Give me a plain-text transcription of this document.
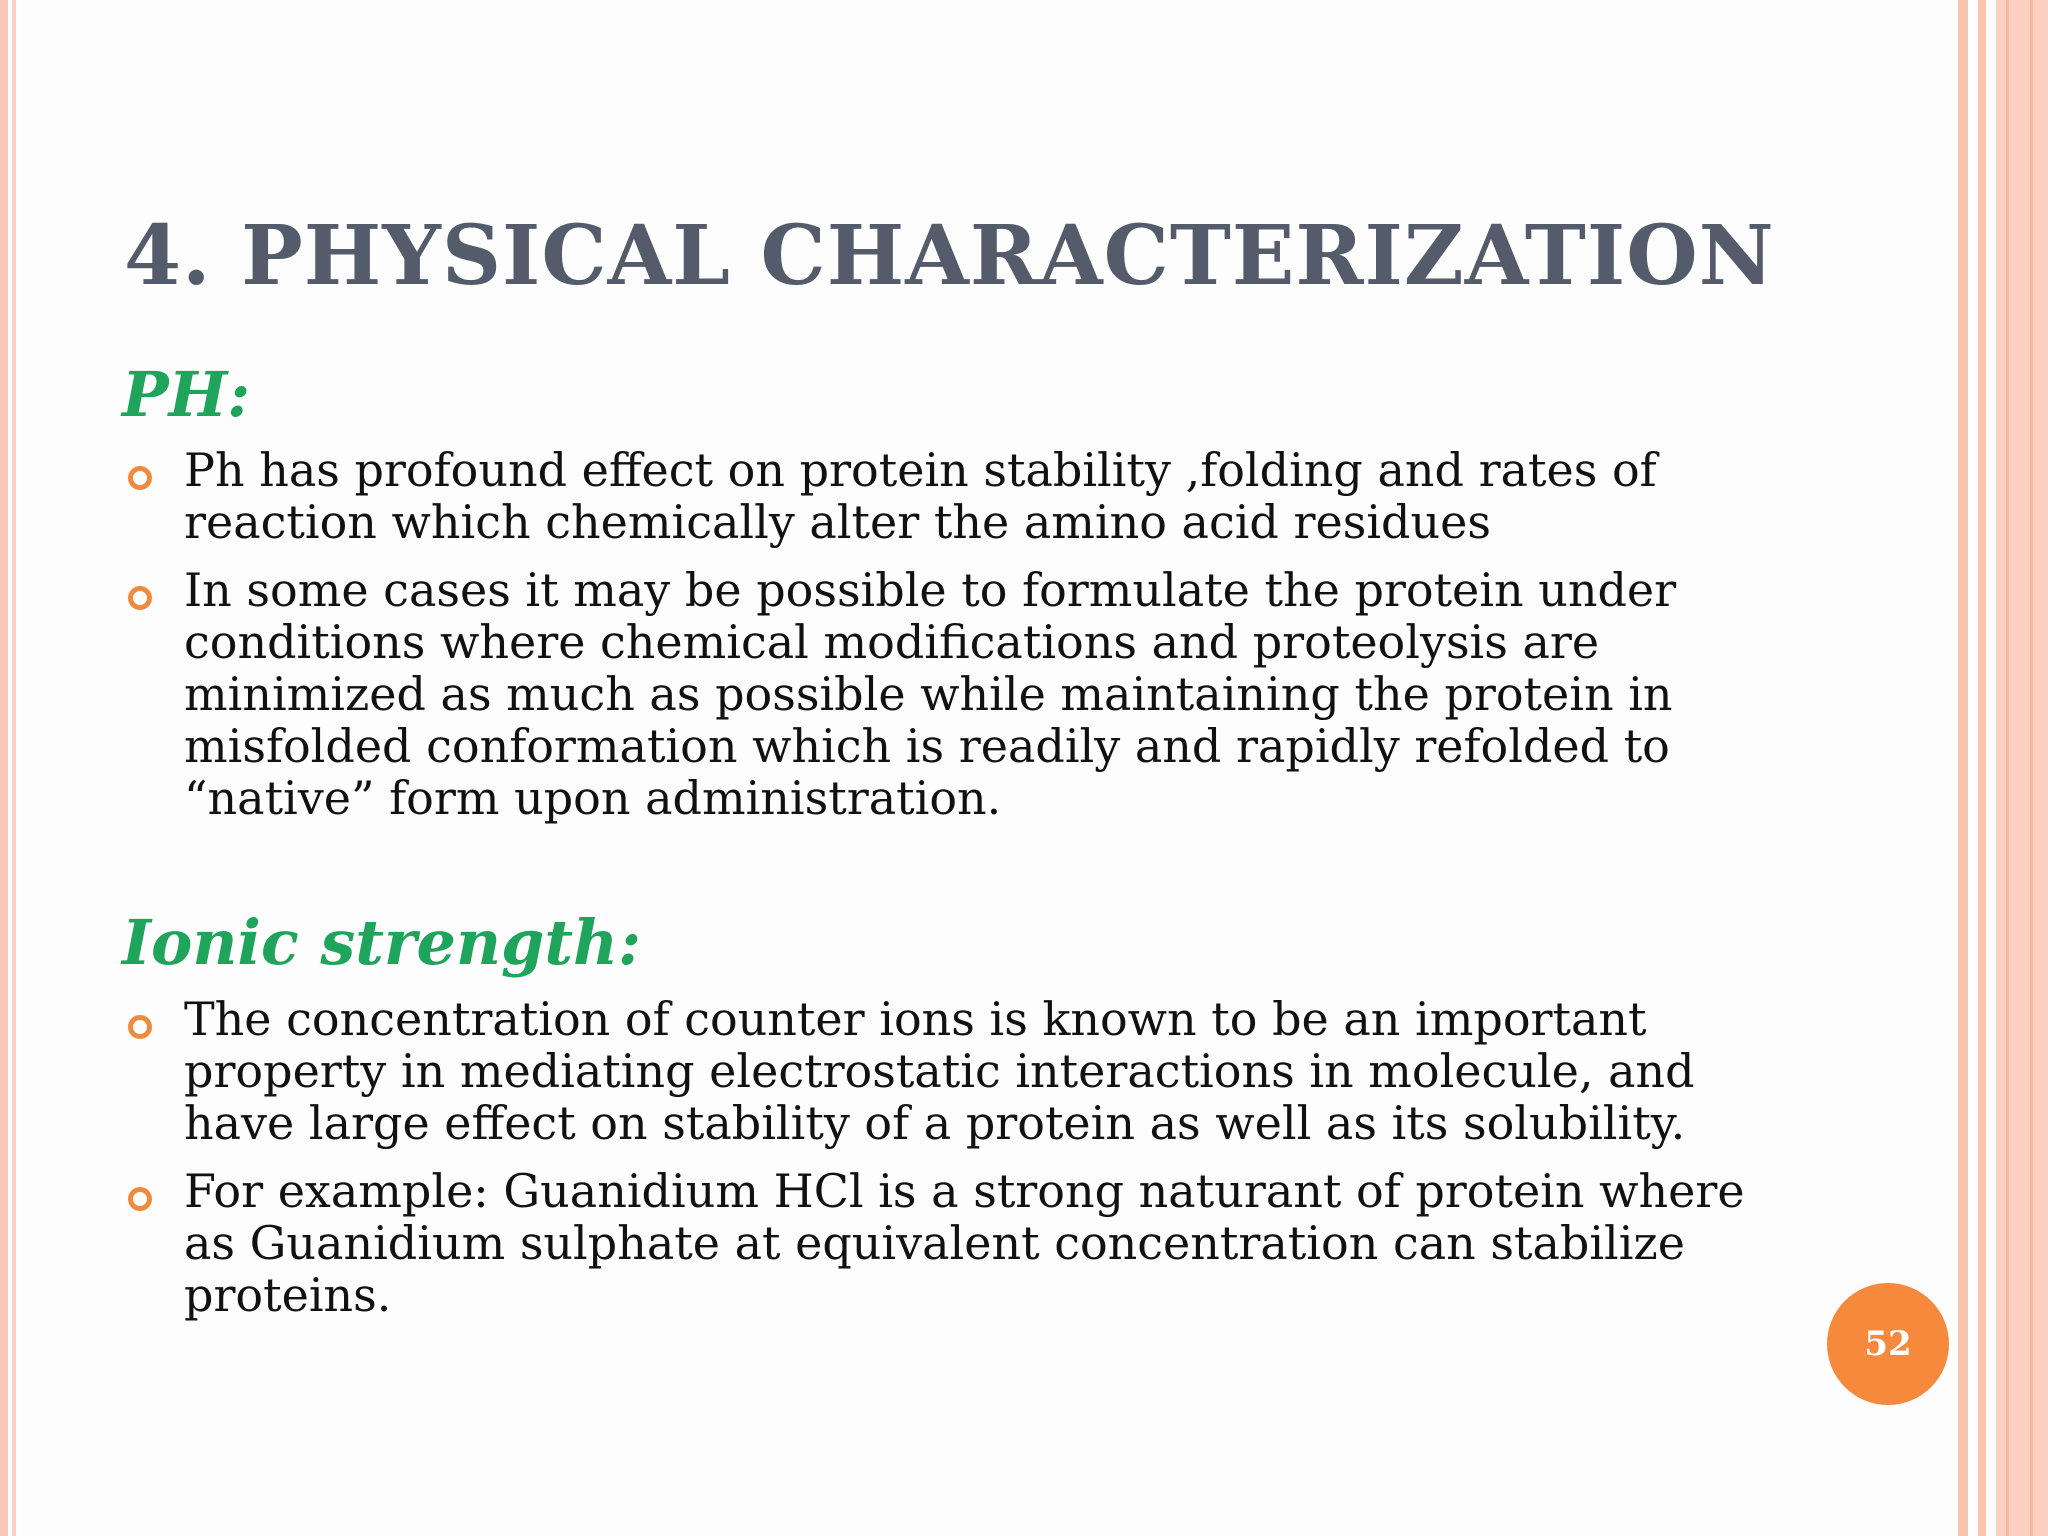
4. PHYSICAL CHARACTERIZATION
PH:
Ph has profound effect on protein stability ,folding and rates of reaction which chemically alter the amino acid residues
In some cases it may be possible to formulate the protein under conditions where chemical modifications and proteolysis are minimized as much as possible while maintaining the protein in misfolded conformation which is readily and rapidly refolded to “native” form upon administration.
Ionic strength:
The concentration of counter ions is known to be an important property in mediating electrostatic interactions in molecule, and have large effect on stability of a protein as well as its solubility.
For example: Guanidium HCl is a strong naturant of protein where as Guanidium sulphate at equivalent concentration can stabilize proteins.
52
